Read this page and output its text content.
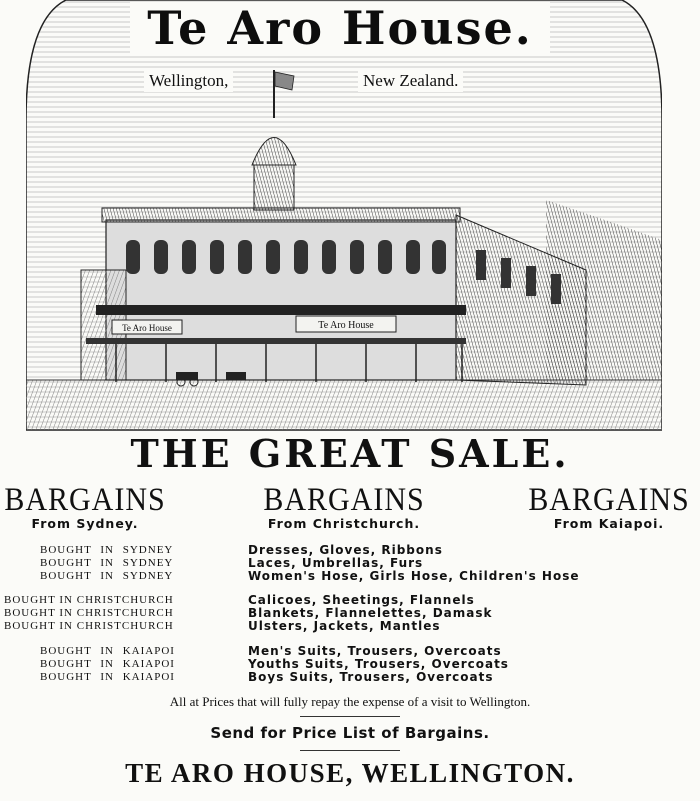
Te Aro House	Te Aro House
Te Aro House.
Wellington,	New Zealand.
THE GREAT SALE.
BARGAINS
From Sydney.
BARGAINS
From Christchurch.
BARGAINS
From Kaiapoi.
BOUGHT IN SYDNEY	Dresses, Gloves, Ribbons
BOUGHT IN SYDNEY	Laces, Umbrellas, Furs
BOUGHT IN SYDNEY	Women's Hose, Girls Hose, Children's Hose
BOUGHT IN CHRISTCHURCH	Calicoes, Sheetings, Flannels
BOUGHT IN CHRISTCHURCH	Blankets, Flannelettes, Damask
BOUGHT IN CHRISTCHURCH	Ulsters, Jackets, Mantles
BOUGHT IN KAIAPOI	Men's Suits, Trousers, Overcoats
BOUGHT IN KAIAPOI	Youths Suits, Trousers, Overcoats
BOUGHT IN KAIAPOI	Boys Suits, Trousers, Overcoats
All at Prices that will fully repay the expense of a visit to Wellington.
Send for Price List of Bargains.
TE ARO HOUSE, WELLINGTON.
